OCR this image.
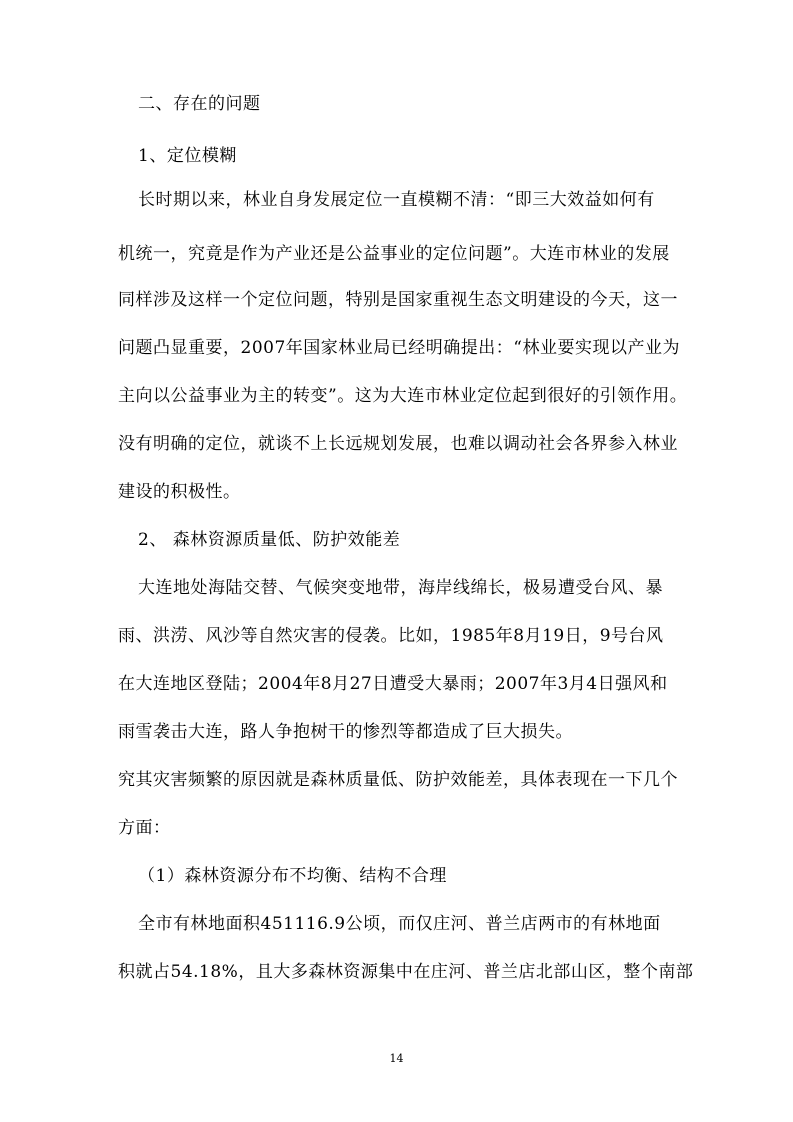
二、存在的问题
1、定位模糊
长时期以来，林业自身发展定位一直模糊不清：“即三大效益如何有
机统一，究竟是作为产业还是公益事业的定位问题”。大连市林业的发展
同样涉及这样一个定位问题，特别是国家重视生态文明建设的今天，这一
问题凸显重要，2007年国家林业局已经明确提出：“林业要实现以产业为
主向以公益事业为主的转变”。这为大连市林业定位起到很好的引领作用。
没有明确的定位，就谈不上长远规划发展，也难以调动社会各界参入林业
建设的积极性。
2、 森林资源质量低、防护效能差
大连地处海陆交替、气候突变地带，海岸线绵长，极易遭受台风、暴
雨、洪涝、风沙等自然灾害的侵袭。比如，1985年8月19日，9号台风
在大连地区登陆；2004年8月27日遭受大暴雨；2007年3月4日强风和
雨雪袭击大连，路人争抱树干的惨烈等都造成了巨大损失。
究其灾害频繁的原因就是森林质量低、防护效能差，具体表现在一下几个
方面：
（1）森林资源分布不均衡、结构不合理
全市有林地面积451116.9公顷，而仅庄河、普兰店两市的有林地面
积就占54.18%，且大多森林资源集中在庄河、普兰店北部山区，整个南部
14
